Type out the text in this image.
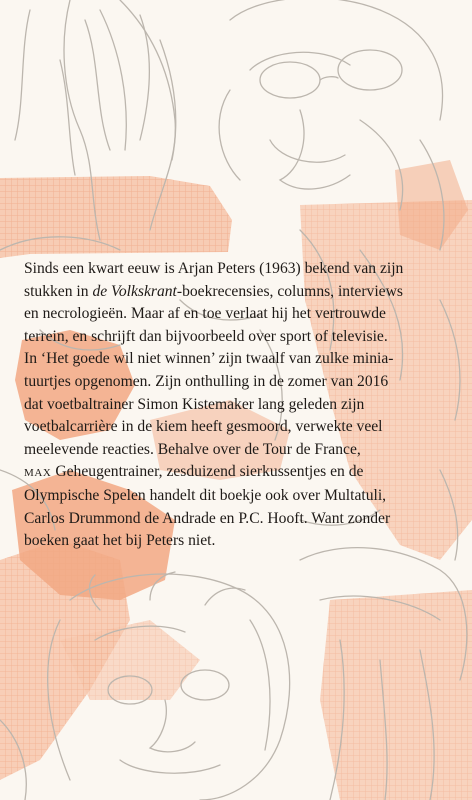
Sinds een kwart eeuw is Arjan Peters (1963) bekend van zijn
stukken in de Volkskrant-boekrecensies, columns, interviews
en necrologieën. Maar af en toe verlaat hij het vertrouwde
terrein, en schrijft dan bijvoorbeeld over sport of televisie.
In ‘Het goede wil niet winnen’ zijn twaalf van zulke minia-
tuurtjes opgenomen. Zijn onthulling in de zomer van 2016
dat voetbaltrainer Simon Kistemaker lang geleden zijn
voetbalcarrière in de kiem heeft gesmoord, verwekte veel
meelevende reacties. Behalve over de Tour de France,
MAX Geheugentrainer, zesduizend sierkussentjes en de
Olympische Spelen handelt dit boekje ook over Multatuli,
Carlos Drummond de Andrade en P.C. Hooft. Want zonder
boeken gaat het bij Peters niet.
